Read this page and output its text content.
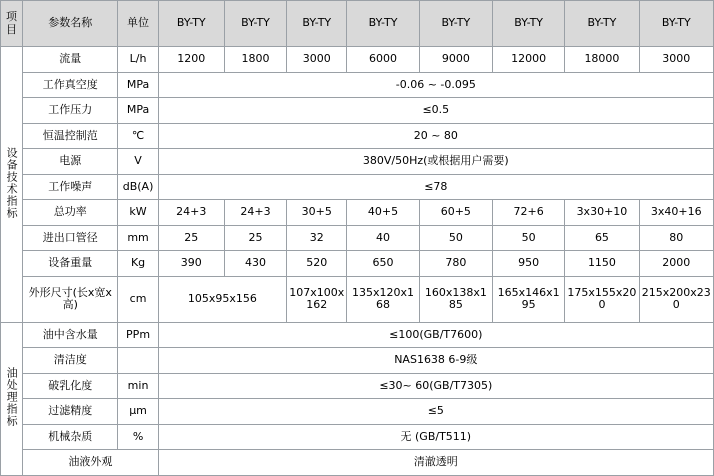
项目	参数名称	单位	BY-TY	BY-TY	BY-TY	BY-TY	BY-TY	BY-TY	BY-TY	BY-TY
设备技术指标	流量	L/h	1200	1800	3000	6000	9000	12000	18000	3000
	工作真空度	MPa	-0.06 ~ -0.095							
	工作压力	MPa	≤0.5							
	恒温控制范	℃	20 ~ 80							
	电源	V	380V/50Hz(或根据用户需要)							
	工作噪声	dB(A)	≤78							
	总功率	kW	24+3	24+3	30+5	40+5	60+5	72+6	3x30+10	3x40+16
	进出口管径	mm	25	25	32	40	50	50	65	80
	设备重量	Kg	390	430	520	650	780	950	1150	2000
	外形尺寸(长x宽x高)	cm	105x95x156		107x100x162	135x120x168	160x138x185	165x146x195	175x155x200	215x200x230
油处理指标	油中含水量	PPm	≤100(GB/T7600)							
	清洁度		NAS1638 6-9级							
	破乳化度	min	≤30~ 60(GB/T7305)							
	过滤精度	μm	≤5							
	机械杂质	%	无 (GB/T511)							
	油液外观		清澈透明							
